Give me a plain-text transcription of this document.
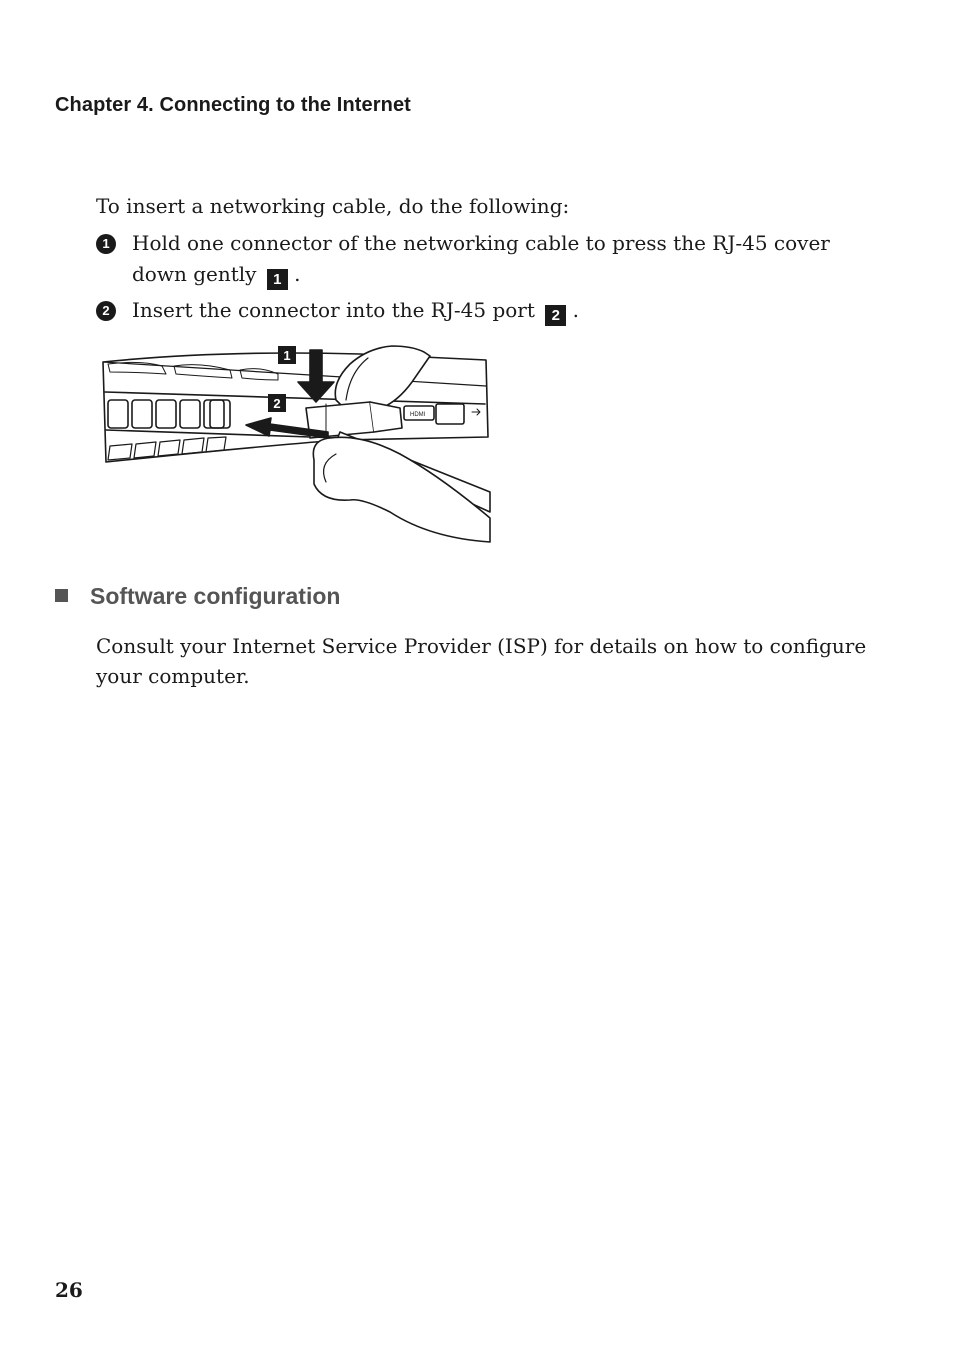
Chapter 4. Connecting to the Internet
To insert a networking cable, do the following:
1	Hold one connector of the networking cable to press the RJ-45 cover down gently 1 .
2	Insert the connector into the RJ-45 port 2 .
HDMI
1
2
Software configuration
Consult your Internet Service Provider (ISP) for details on how to configure your computer.
26
